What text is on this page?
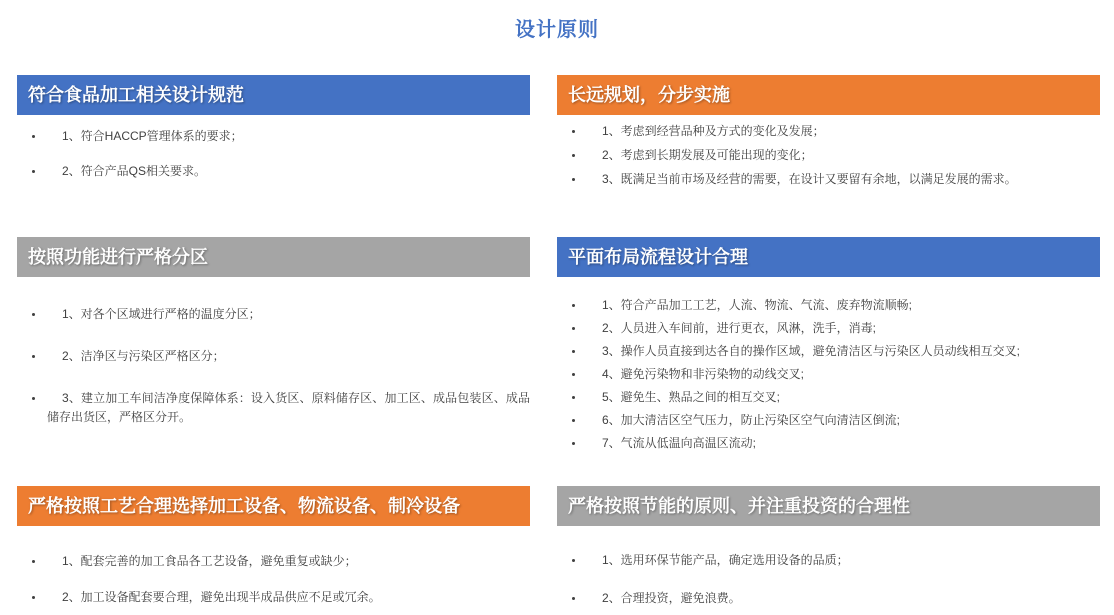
设计原则
符合食品加工相关设计规范
1、符合HACCP管理体系的要求；
2、符合产品QS相关要求。
长远规划，分步实施
1、考虑到经营品种及方式的变化及发展；
2、考虑到长期发展及可能出现的变化；
3、既满足当前市场及经营的需要，在设计又要留有余地，以满足发展的需求。
按照功能进行严格分区
1、对各个区域进行严格的温度分区；
2、洁净区与污染区严格区分；
3、建立加工车间洁净度保障体系：设入货区、原料储存区、加工区、成品包装区、成品储存出货区，严格区分开。
平面布局流程设计合理
1、符合产品加工工艺，人流、物流、气流、废弃物流顺畅;
2、人员进入车间前，进行更衣，风淋，洗手，消毒;
3、操作人员直接到达各自的操作区域，避免清洁区与污染区人员动线相互交叉;
4、避免污染物和非污染物的动线交叉;
5、避免生、熟品之间的相互交叉;
6、加大清洁区空气压力，防止污染区空气向清洁区倒流;
7、气流从低温向高温区流动;
严格按照工艺合理选择加工设备、物流设备、制冷设备
1、配套完善的加工食品各工艺设备，避免重复或缺少；
2、加工设备配套要合理，避免出现半成品供应不足或冗余。
严格按照节能的原则、并注重投资的合理性
1、选用环保节能产品，确定选用设备的品质；
2、合理投资，避免浪费。
